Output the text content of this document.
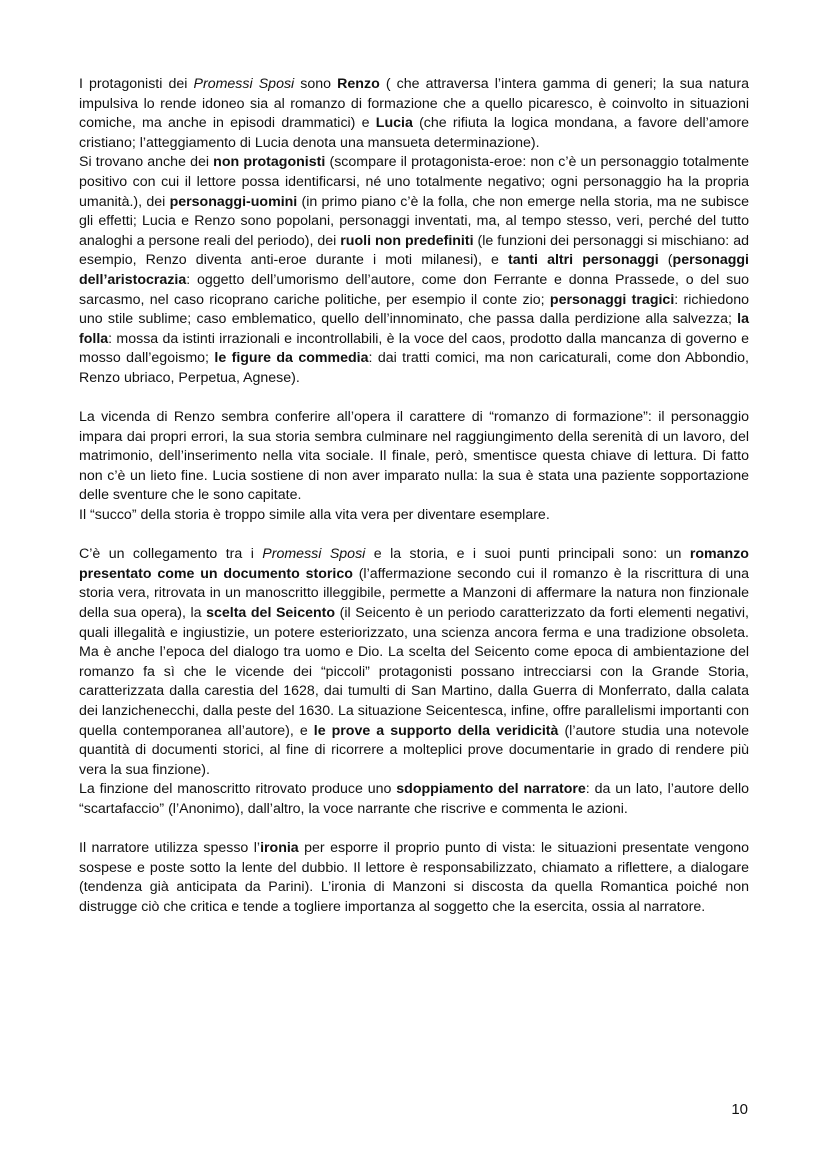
I protagonisti dei Promessi Sposi sono Renzo ( che attraversa l’intera gamma di generi; la sua natura impulsiva lo rende idoneo sia al romanzo di formazione che a quello picaresco, è coinvolto in situazioni comiche, ma anche in episodi drammatici) e Lucia (che rifiuta la logica mondana, a favore dell’amore cristiano; l’atteggiamento di Lucia denota una mansueta determinazione).

Si trovano anche dei non protagonisti (scompare il protagonista-eroe: non c’è un personaggio totalmente positivo con cui il lettore possa identificarsi, né uno totalmente negativo; ogni personaggio ha la propria umanità.), dei personaggi-uomini (in primo piano c’è la folla, che non emerge nella storia, ma ne subisce gli effetti; Lucia e Renzo sono popolani, personaggi inventati, ma, al tempo stesso, veri, perché del tutto analoghi a persone reali del periodo), dei ruoli non predefiniti (le funzioni dei personaggi si mischiano: ad esempio, Renzo diventa anti-eroe durante i moti milanesi), e tanti altri personaggi (personaggi dell’aristocrazia: oggetto dell’umorismo dell’autore, come don Ferrante e donna Prassede, o del suo sarcasmo, nel caso ricoprano cariche politiche, per esempio il conte zio; personaggi tragici: richiedono uno stile sublime; caso emblematico, quello dell’innominato, che passa dalla perdizione alla salvezza; la folla: mossa da istinti irrazionali e incontrollabili, è la voce del caos, prodotto dalla mancanza di governo e mosso dall’egoismo; le figure da commedia: dai tratti comici, ma non caricaturali, come don Abbondio, Renzo ubriaco, Perpetua, Agnese).

La vicenda di Renzo sembra conferire all’opera il carattere di “romanzo di formazione”: il personaggio impara dai propri errori, la sua storia sembra culminare nel raggiungimento della serenità di un lavoro, del matrimonio, dell’inserimento nella vita sociale. Il finale, però, smentisce questa chiave di lettura. Di fatto non c’è un lieto fine. Lucia sostiene di non aver imparato nulla: la sua è stata una paziente sopportazione delle sventure che le sono capitate.

Il “succo” della storia è troppo simile alla vita vera per diventare esemplare.

C’è un collegamento tra i Promessi Sposi e la storia, e i suoi punti principali sono: un romanzo presentato come un documento storico (l’affermazione secondo cui il romanzo è la riscrittura di una storia vera, ritrovata in un manoscritto illeggibile, permette a Manzoni di affermare la natura non finzionale della sua opera), la scelta del Seicento (il Seicento è un periodo caratterizzato da forti elementi negativi, quali illegalità e ingiustizie, un potere esteriorizzato, una scienza ancora ferma e una tradizione obsoleta. Ma è anche l’epoca del dialogo tra uomo e Dio. La scelta del Seicento come epoca di ambientazione del romanzo fa sì che le vicende dei “piccoli” protagonisti possano intrecciarsi con la Grande Storia, caratterizzata dalla carestia del 1628, dai tumulti di San Martino, dalla Guerra di Monferrato, dalla calata dei lanzichenecchi, dalla peste del 1630. La situazione Seicentesca, infine, offre parallelismi importanti con quella contemporanea all’autore), e le prove a supporto della veridicità (l’autore studia una notevole quantità di documenti storici, al fine di ricorrere a molteplici prove documentarie in grado di rendere più vera la sua finzione).

La finzione del manoscritto ritrovato produce uno sdoppiamento del narratore: da un lato, l’autore dello “scartafaccio” (l’Anonimo), dall’altro, la voce narrante che riscrive e commenta le azioni.

Il narratore utilizza spesso l’ironia per esporre il proprio punto di vista: le situazioni presentate vengono sospese e poste sotto la lente del dubbio. Il lettore è responsabilizzato, chiamato a riflettere, a dialogare (tendenza già anticipata da Parini). L’ironia di Manzoni si discosta da quella Romantica poiché non distrugge ciò che critica e tende a togliere importanza al soggetto che la esercita, ossia al narratore.

10
